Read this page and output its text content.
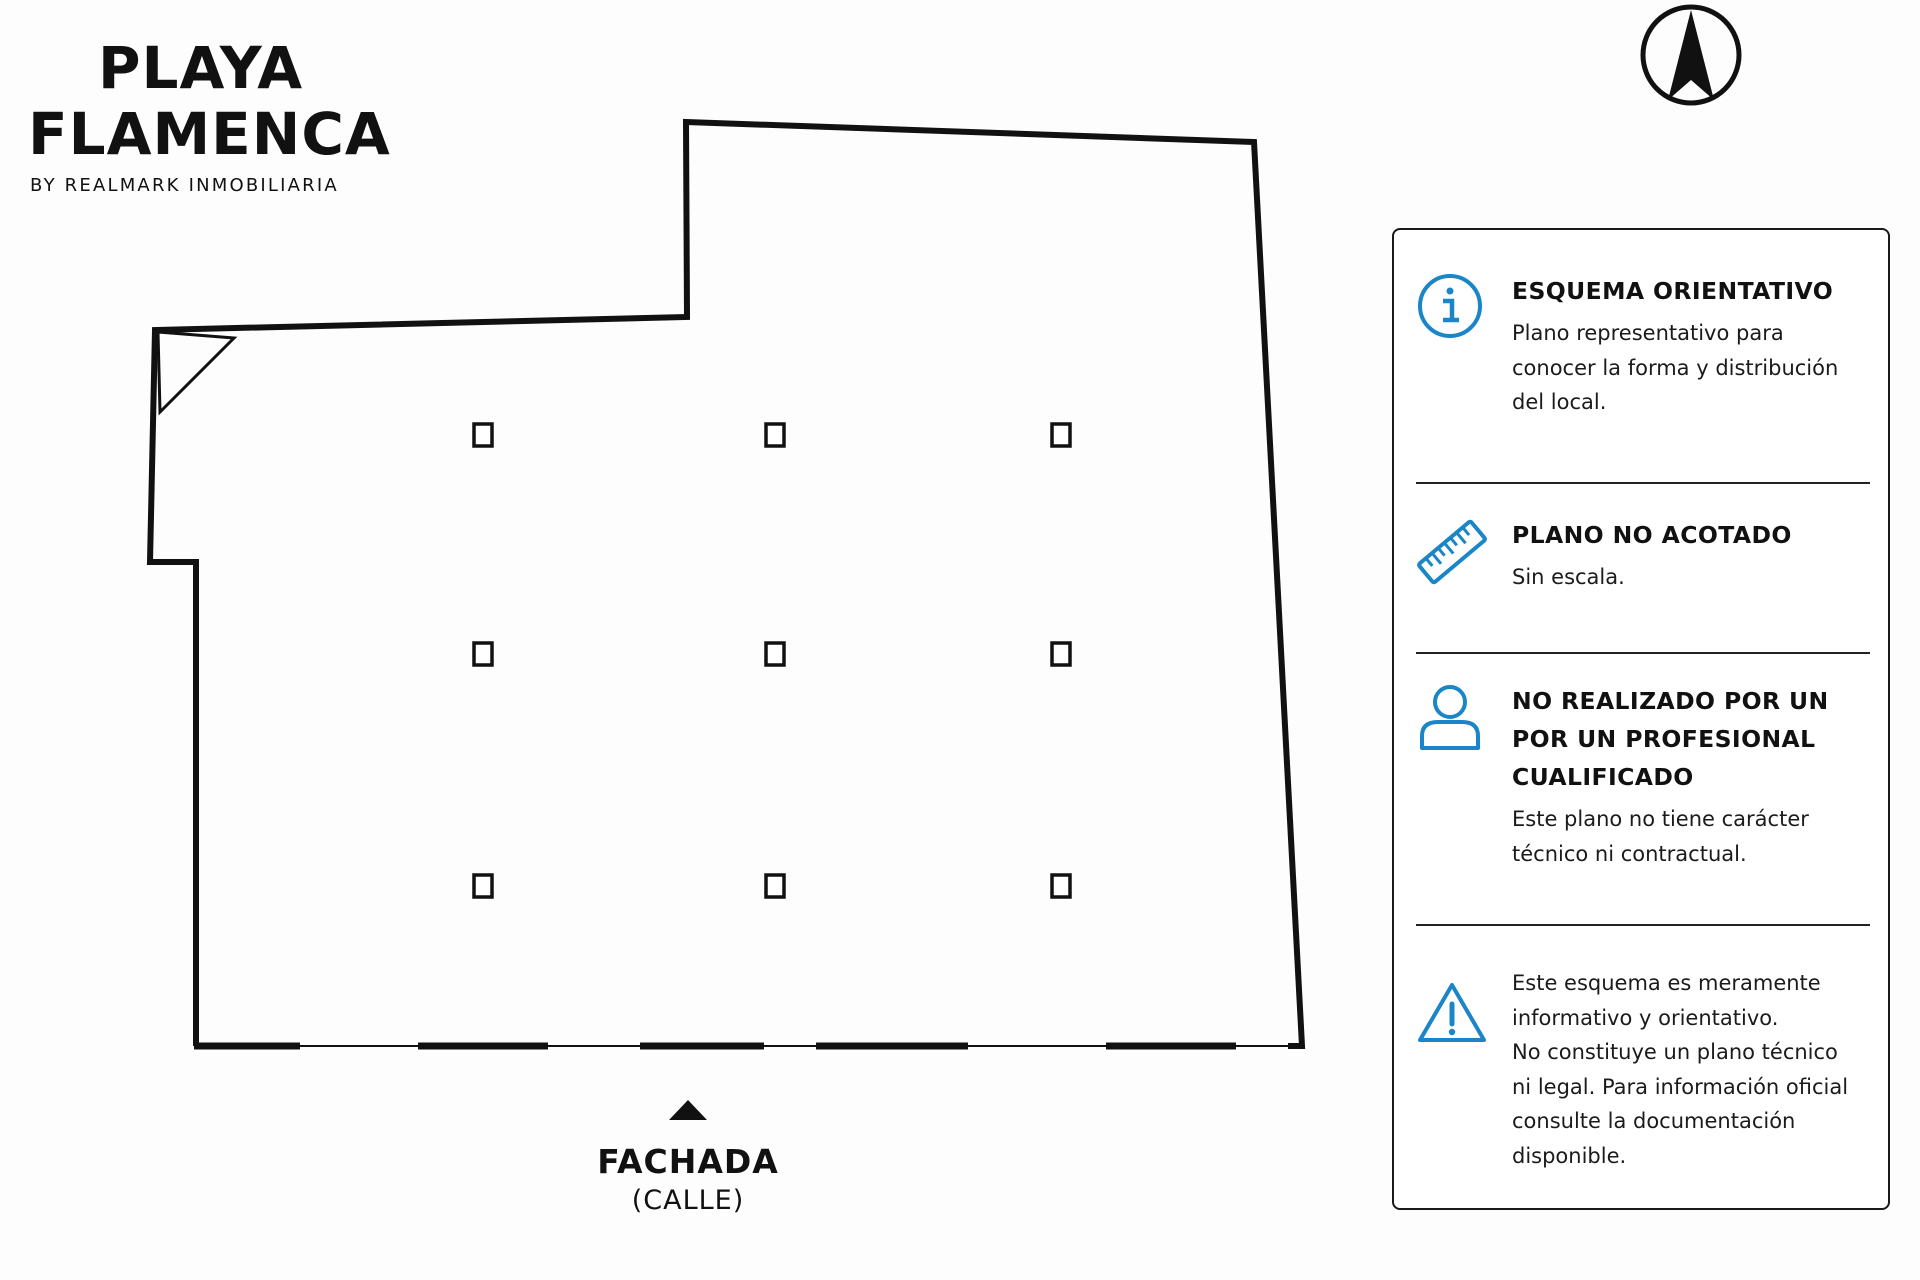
PLAYA
FLAMENCA
BY REALMARK INMOBILIARIA
FACHADA
(CALLE)
ESQUEMA ORIENTATIVO
Plano representativo para
conocer la forma y distribución
del local.
PLANO NO ACOTADO
Sin escala.
NO REALIZADO POR UN
POR UN PROFESIONAL
CUALIFICADO
Este plano no tiene carácter
técnico ni contractual.
Este esquema es meramente
informativo y orientativo.
No constituye un plano técnico
ni legal. Para información oficial
consulte la documentación
disponible.
